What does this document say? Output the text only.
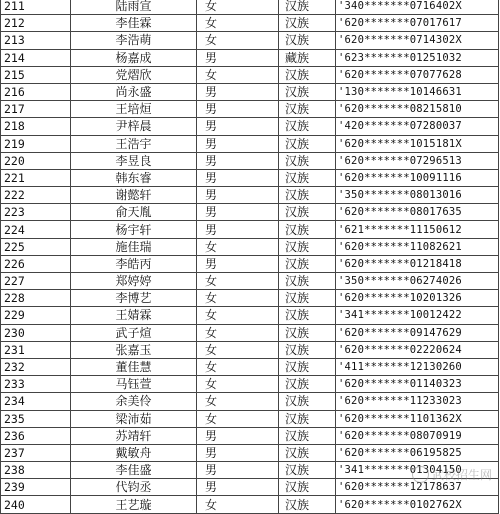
211	陆雨宣	女	汉族	'340*******0716402X
212	李佳霖	女	汉族	'620*******07017617
213	李浩萌	女	汉族	'620*******0714302X
214	杨嘉成	男	藏族	'623*******01251032
215	党熠欣	女	汉族	'620*******07077628
216	尚永盛	男	汉族	'130*******10146631
217	王培烜	男	汉族	'620*******08215810
218	尹梓晨	男	汉族	'420*******07280037
219	王浩宇	男	汉族	'620*******1015181X
220	李昱良	男	汉族	'620*******07296513
221	韩东睿	男	汉族	'620*******10091116
222	谢懿轩	男	汉族	'350*******08013016
223	俞天胤	男	汉族	'620*******08017635
224	杨宇轩	男	汉族	'621*******11150612
225	施佳瑞	女	汉族	'620*******11082621
226	李皓丙	男	汉族	'620*******01218418
227	郑婷婷	女	汉族	'350*******06274026
228	李博艺	女	汉族	'620*******10201326
229	王婧霖	女	汉族	'341*******10012422
230	武子煊	女	汉族	'620*******09147629
231	张嘉玉	女	汉族	'620*******02220624
232	董佳慧	女	汉族	'411*******12130260
233	马钰萱	女	汉族	'620*******01140323
234	余美伶	女	汉族	'620*******11233023
235	梁沛茹	女	汉族	'620*******1101362X
236	苏靖轩	男	汉族	'620*******08070919
237	戴敏舟	男	汉族	'620*******06195825
238	李佳盛	男	汉族	'341*******01304150
239	代钧丞	男	汉族	'620*******12178637
240	王艺璇	女	汉族	'620*******0102762X
武校招生网
